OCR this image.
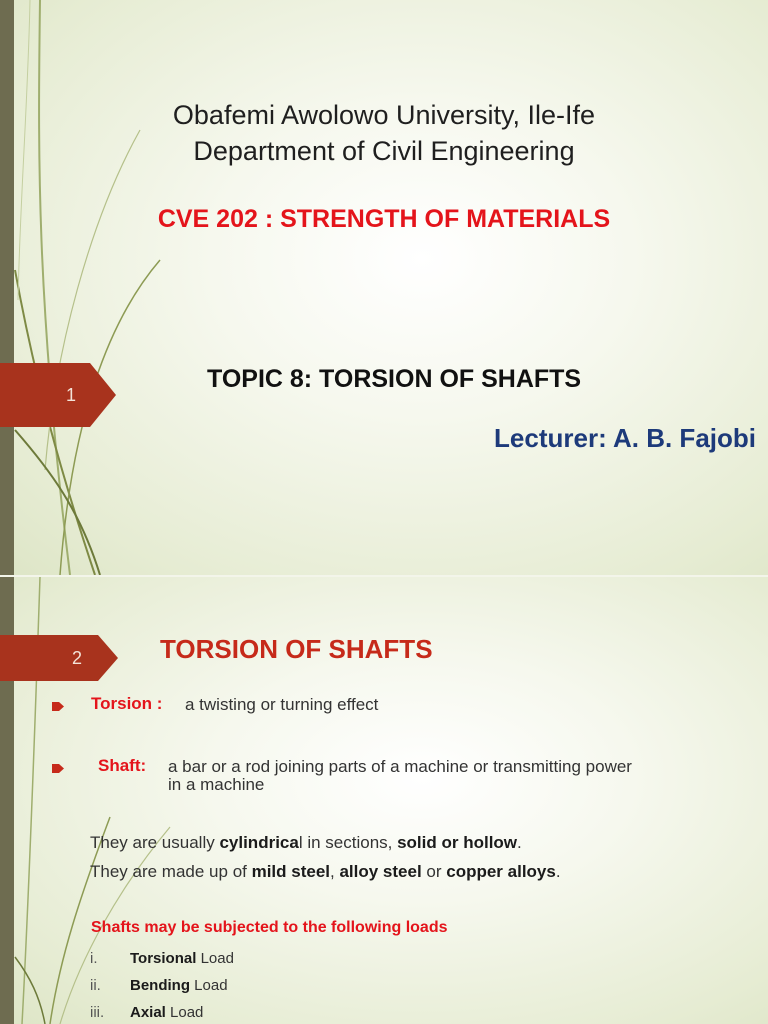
1
Obafemi Awolowo University, Ile-Ife
Department of Civil Engineering
CVE 202 : STRENGTH OF MATERIALS
TOPIC 8: TORSION OF SHAFTS
Lecturer: A. B. Fajobi
2	TORSION OF SHAFTS
Torsion : a twisting or turning effect
Shaft: a bar or a rod joining parts of a machine or transmitting power
in a machine
They are usually cylindrical in sections, solid or hollow.
They are made up of mild steel, alloy steel or copper alloys.
Shafts may be subjected to the following loads
i. Torsional Load
ii. Bending Load
iii. Axial Load
